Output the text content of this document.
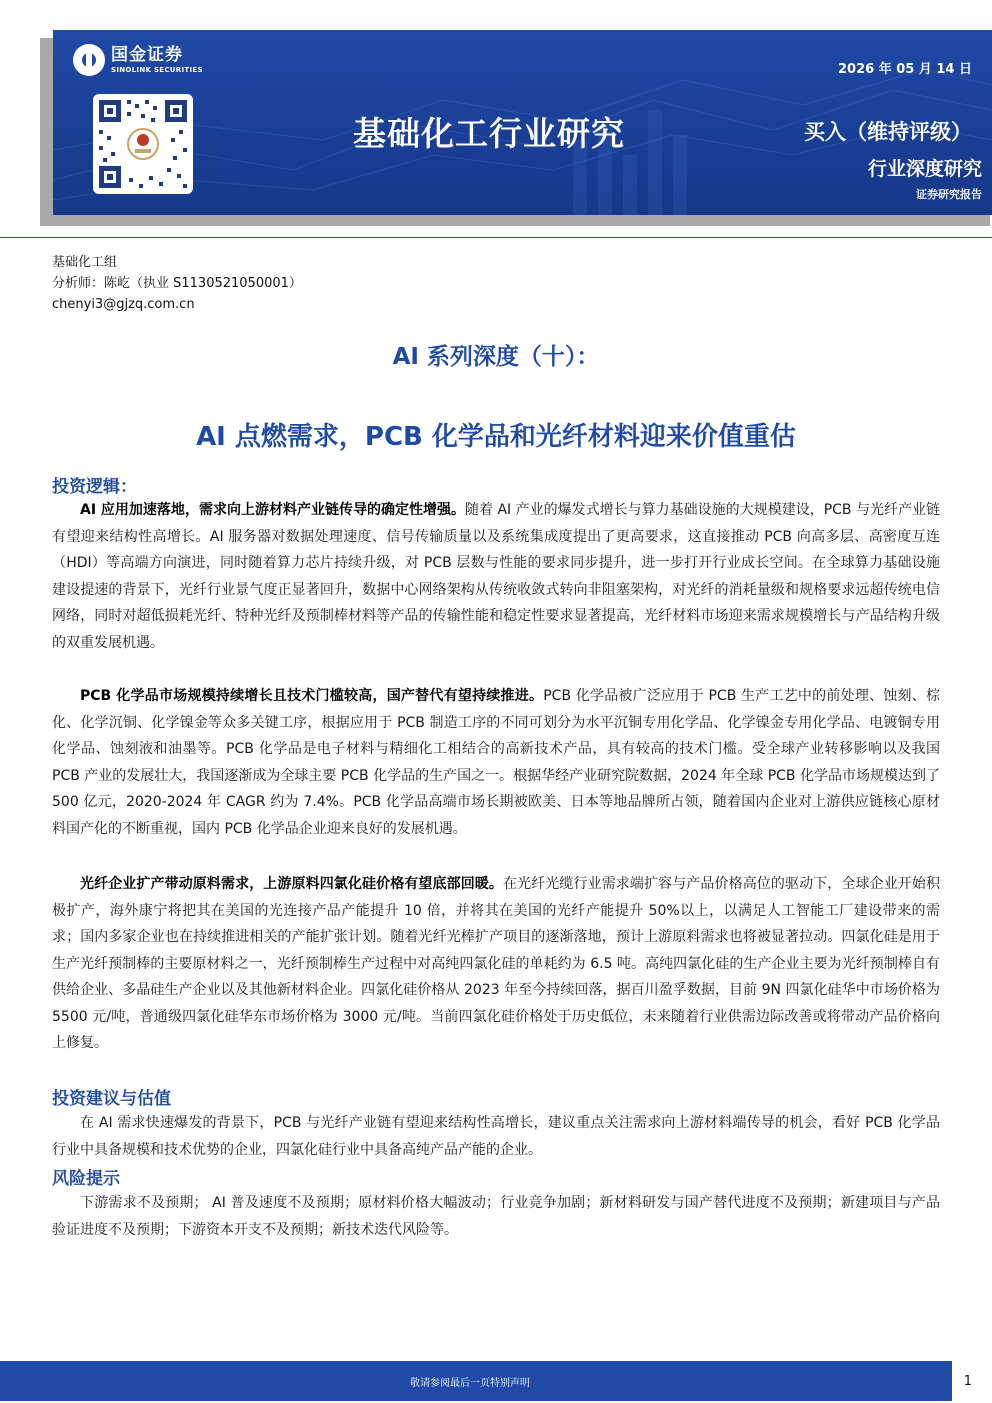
国金证券
SINOLINK SECURITIES	2026 年 05 月 14 日
基础化工行业研究	买入（维持评级）
行业深度研究
证券研究报告
基础化工组
分析师：陈屹（执业 S1130521050001）
chenyi3@gjzq.com.cn
AI 系列深度（十）：
AI 点燃需求，PCB 化学品和光纤材料迎来价值重估
投资逻辑：

AI 应用加速落地，需求向上游材料产业链传导的确定性增强。随着 AI 产业的爆发式增长与算力基础设施的大规模建设，PCB 与光纤产业链有望迎来结构性高增长。AI 服务器对数据处理速度、信号传输质量以及系统集成度提出了更高要求，这直接推动 PCB 向高多层、高密度互连（HDI）等高端方向演进，同时随着算力芯片持续升级，对 PCB 层数与性能的要求同步提升，进一步打开行业成长空间。在全球算力基础设施建设提速的背景下，光纤行业景气度正显著回升，数据中心网络架构从传统收敛式转向非阻塞架构，对光纤的消耗量级和规格要求远超传统电信网络，同时对超低损耗光纤、特种光纤及预制棒材料等产品的传输性能和稳定性要求显著提高，光纤材料市场迎来需求规模增长与产品结构升级的双重发展机遇。

PCB 化学品市场规模持续增长且技术门槛较高，国产替代有望持续推进。PCB 化学品被广泛应用于 PCB 生产工艺中的前处理、蚀刻、棕化、化学沉铜、化学镍金等众多关键工序，根据应用于 PCB 制造工序的不同可划分为水平沉铜专用化学品、化学镍金专用化学品、电镀铜专用化学品、蚀刻液和油墨等。PCB 化学品是电子材料与精细化工相结合的高新技术产品，具有较高的技术门槛。受全球产业转移影响以及我国 PCB 产业的发展壮大，我国逐渐成为全球主要 PCB 化学品的生产国之一。根据华经产业研究院数据，2024 年全球 PCB 化学品市场规模达到了 500 亿元，2020-2024 年 CAGR 约为 7.4%。PCB 化学品高端市场长期被欧美、日本等地品牌所占领，随着国内企业对上游供应链核心原材料国产化的不断重视，国内 PCB 化学品企业迎来良好的发展机遇。

光纤企业扩产带动原料需求，上游原料四氯化硅价格有望底部回暖。在光纤光缆行业需求端扩容与产品价格高位的驱动下，全球企业开始积极扩产，海外康宁将把其在美国的光连接产品产能提升 10 倍，并将其在美国的光纤产能提升 50%以上，以满足人工智能工厂建设带来的需求；国内多家企业也在持续推进相关的产能扩张计划。随着光纤光棒扩产项目的逐渐落地，预计上游原料需求也将被显著拉动。四氯化硅是用于生产光纤预制棒的主要原材料之一，光纤预制棒生产过程中对高纯四氯化硅的单耗约为 6.5 吨。高纯四氯化硅的生产企业主要为光纤预制棒自有供给企业、多晶硅生产企业以及其他新材料企业。四氯化硅价格从 2023 年至今持续回落，据百川盈孚数据，目前 9N 四氯化硅华中市场价格为 5500 元/吨，普通级四氯化硅华东市场价格为 3000 元/吨。当前四氯化硅价格处于历史低位，未来随着行业供需边际改善或将带动产品价格向上修复。

投资建议与估值

在 AI 需求快速爆发的背景下，PCB 与光纤产业链有望迎来结构性高增长，建议重点关注需求向上游材料端传导的机会，看好 PCB 化学品行业中具备规模和技术优势的企业，四氯化硅行业中具备高纯产品产能的企业。

风险提示

下游需求不及预期； AI 普及速度不及预期；原材料价格大幅波动；行业竞争加剧；新材料研发与国产替代进度不及预期；新建项目与产品验证进度不及预期；下游资本开支不及预期；新技术迭代风险等。

敬请参阅最后一页特别声明	1
